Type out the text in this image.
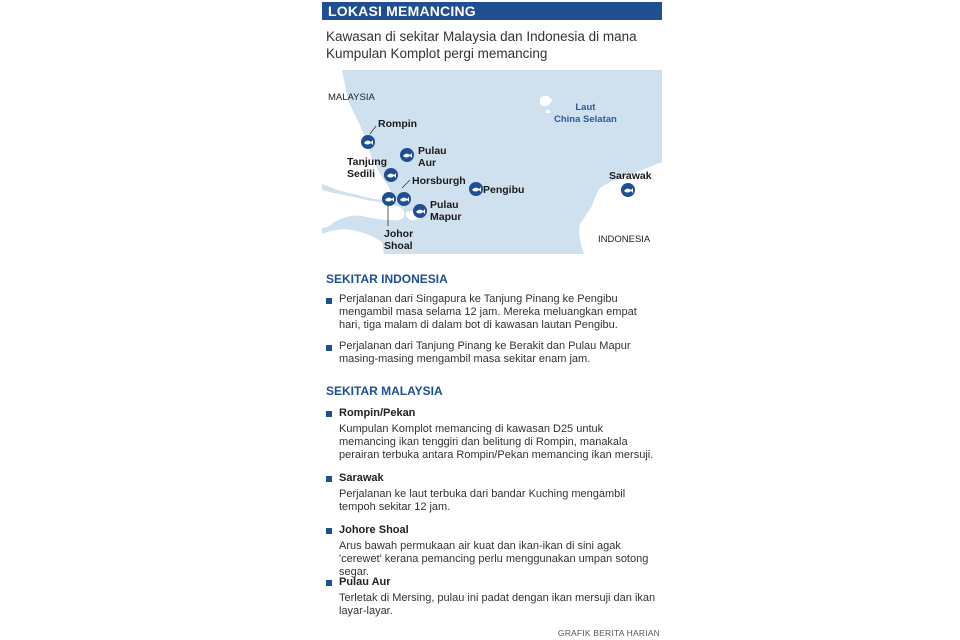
LOKASI MEMANCING
Kawasan di sekitar Malaysia dan Indonesia di mana Kumpulan Komplot pergi memancing
MALAYSIA
INDONESIA
Laut
China Selatan
Rompin
Pulau
Aur
Tanjung
Sedili
Horsburgh
Pengibu
Sarawak
Pulau
Mapur
Johor
Shoal
SEKITAR INDONESIA
Perjalanan dari Singapura ke Tanjung Pinang ke Pengibu mengambil masa selama 12 jam. Mereka meluangkan empat hari, tiga malam di dalam bot di kawasan lautan Pengibu.
Perjalanan dari Tanjung Pinang ke Berakit dan Pulau Mapur masing-masing mengambil masa sekitar enam jam.
SEKITAR MALAYSIA
Rompin/Pekan
Kumpulan Komplot memancing di kawasan D25 untuk memancing ikan tenggiri dan belitung di Rompin, manakala perairan terbuka antara Rompin/Pekan memancing ikan mersuji.
Sarawak
Perjalanan ke laut terbuka dari bandar Kuching mengambil tempoh sekitar 12 jam.
Johore Shoal
Arus bawah permukaan air kuat dan ikan-ikan di sini agak 'cerewet' kerana pemancing perlu menggunakan umpan sotong segar.
Pulau Aur
Terletak di Mersing, pulau ini padat dengan ikan mersuji dan ikan layar-layar.
GRAFIK BERITA HARIAN
